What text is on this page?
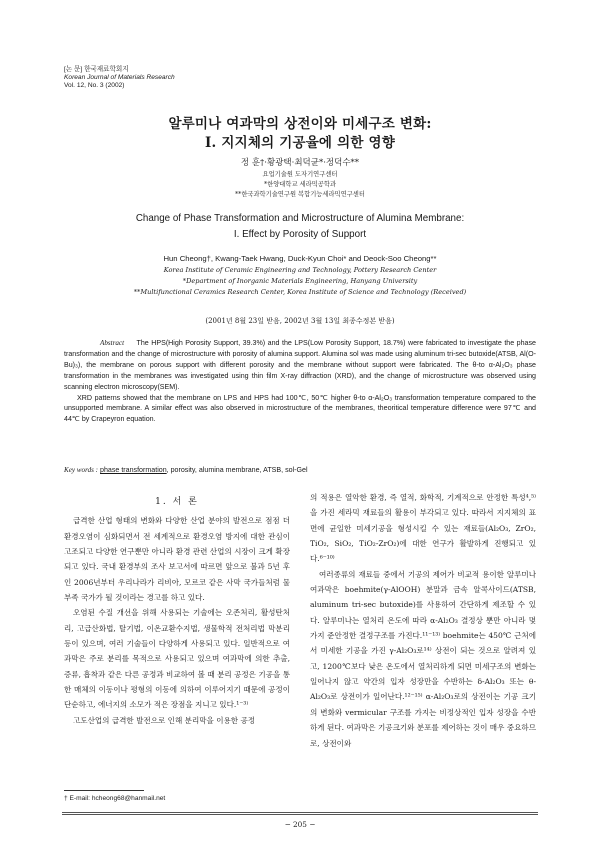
[논 문] 한국재료학회지
Korean Journal of Materials Research
Vol. 12, No. 3 (2002)
알루미나 여과막의 상전이와 미세구조 변화:
I. 지지체의 기공율에 의한 영향
정 훈†·황광택·최덕균*·정덕수**
요업기술원 도자기연구센터
*한양대학교 세라믹공학과
**한국과학기술연구원 복합기능세라믹연구센터
Change of Phase Transformation and Microstructure of Alumina Membrane:
I. Effect by Porosity of Support
Hun Cheong†, Kwang-Taek Hwang, Duck-Kyun Choi* and Deock-Soo Cheong**
Korea Institute of Ceramic Engineering and Technology, Pottery Research Center
*Department of Inorganic Materials Engineering, Hanyang University
**Multifunctional Ceramics Research Center, Korea Institute of Science and Technology (Received)
(2001년 8월 23일 받음, 2002년 3월 13일 최종수정본 받음)

Abstract The HPS(High Porosity Support, 39.3%) and the LPS(Low Porosity Support, 18.7%) were fabricated to investigate the phase transformation and the change of microstructure with porosity of alumina support. Alumina sol was made using aluminum tri-sec butoxide(ATSB, Al(O-Bu)₃), the membrane on porous support with different porosity and the membrane without support were fabricated. The θ-to α-Al₂O₃ phase transformation in the membranes was investigated using thin film X-ray diffraction (XRD), and the change of microstructure was observed using scanning electron microscopy(SEM).

XRD patterns showed that the membrane on LPS and HPS had 100℃, 50℃ higher θ-to α-Al₂O₃ transformation temperature compared to the unsupported membrane. A similar effect was also observed in microstructure of the membranes, theoritical temperature difference were 97℃ and 44℃ by Crapeyron equation.

Key words : phase transformation, porosity, alumina membrane, ATSB, sol-Gel
1. 서 론

급격한 산업 형태의 변화와 다양한 산업 분야의 발전으로 점점 더 환경오염이 심화되면서 전 세계적으로 환경오염 방지에 대한 관심이 고조되고 다양한 연구뿐만 아니라 환경 관련 산업의 시장이 크게 확장되고 있다. 국내 환경부의 조사 보고서에 따르면 앞으로 불과 5년 후인 2006년부터 우리나라가 리비아, 모르코 같은 사막 국가들처럼 물 부족 국가가 될 것이라는 경고를 하고 있다.

오염된 수질 개선을 위해 사용되는 기술에는 오존처리, 활성탄처리, 고급산화법, 탈기법, 이온교환수지법, 생물학적 전처리법 막분리 등이 있으며, 여러 기술들이 다양하게 사용되고 있다. 일반적으로 여과막은 주로 분리를 목적으로 사용되고 있으며 여과막에 의한 추출, 증류, 흡착과 같은 다른 공정과 비교하여 볼 때 분리 공정은 기공을 통한 매체의 이동이나 평형의 이동에 의하여 이루어지기 때문에 공정이 단순하고, 에너지의 소모가 적은 장점을 지니고 있다.¹⁻³⁾

고도산업의 급격한 발전으로 인해 분리막을 이용한 공정

의 적용은 열악한 환경, 즉 열적, 화학적, 기계적으로 안정한 특성⁴,⁵⁾을 가진 세라믹 재료들의 활용이 부각되고 있다. 따라서 지지체의 표면에 균일한 미세기공을 형성시킬 수 있는 재료들(Al₂O₃, ZrO₂, TiO₂, SiO₂, TiO₂-ZrO₂)에 대한 연구가 활발하게 진행되고 있다.⁶⁻¹⁰⁾

여러종류의 재료들 중에서 기공의 제어가 비교적 용이한 알루미나 여과막은 boehmite(γ-AlOOH) 분말과 금속 알콕사이드(ATSB, aluminum tri-sec butoxide)를 사용하여 간단하게 제조할 수 있다. 알루미나는 열처리 온도에 따라 α-Al₂O₃ 결정상 뿐만 아니라 몇 가지 준안정한 결정구조를 가진다.¹¹⁻¹³⁾ boehmite는 450℃ 근처에서 미세한 기공을 가진 γ-Al₂O₃로¹⁴⁾ 상전이 되는 것으로 알려져 있고, 1200℃보다 낮은 온도에서 열처리하게 되면 미세구조의 변화는 일어나지 않고 약간의 입자 성장만을 수반하는 δ-Al₂O₃ 또는 θ-Al₂O₃로 상전이가 일어난다.¹²⁻¹⁵⁾ α-Al₂O₃로의 상전이는 기공 크기의 변화와 vermicular 구조를 가지는 비정상적인 입자 성장을 수반하게 된다. 여과막은 기공크기와 분포를 제어하는 것이 매우 중요하므로, 상전이와

† E-mail: hcheong68@hanmail.net
− 205 −
